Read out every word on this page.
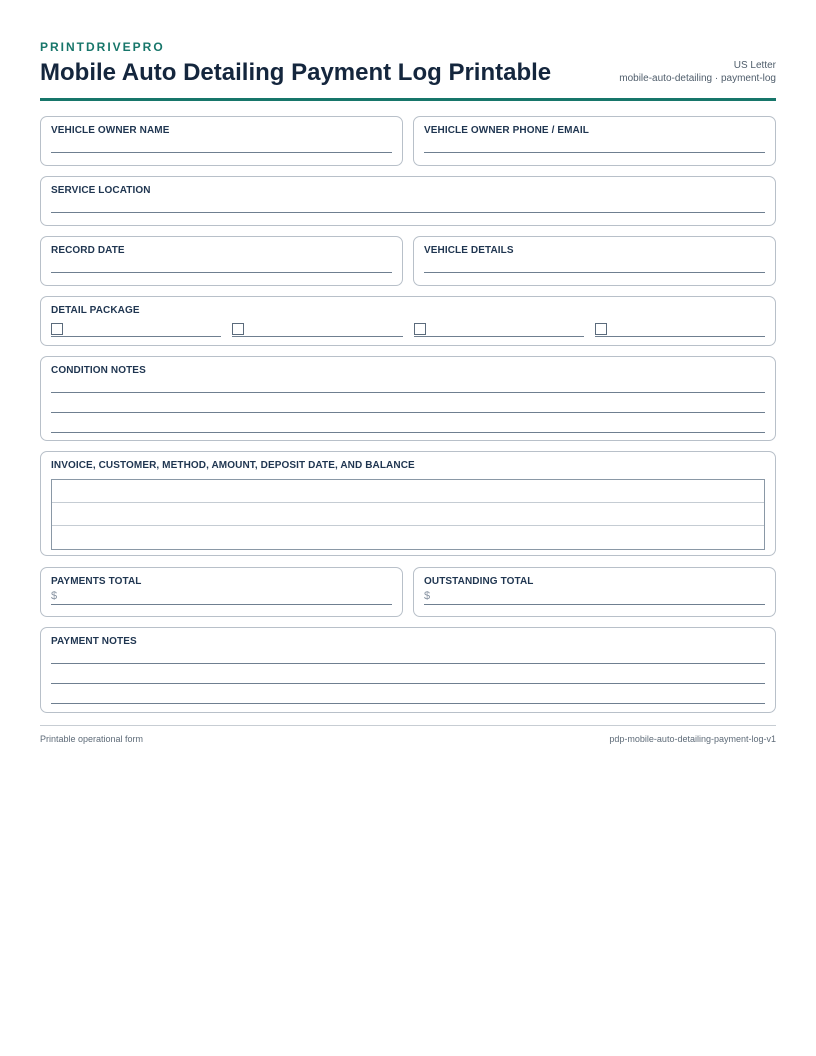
PRINTDRIVEPRO
Mobile Auto Detailing Payment Log Printable	US Letter
mobile-auto-detailing · payment-log
VEHICLE OWNER NAME	VEHICLE OWNER PHONE / EMAIL
SERVICE LOCATION
RECORD DATE	VEHICLE DETAILS
DETAIL PACKAGE
CONDITION NOTES
INVOICE, CUSTOMER, METHOD, AMOUNT, DEPOSIT DATE, AND BALANCE
PAYMENTS TOTAL
$
OUTSTANDING TOTAL
$
PAYMENT NOTES
Printable operational form	pdp-mobile-auto-detailing-payment-log-v1
